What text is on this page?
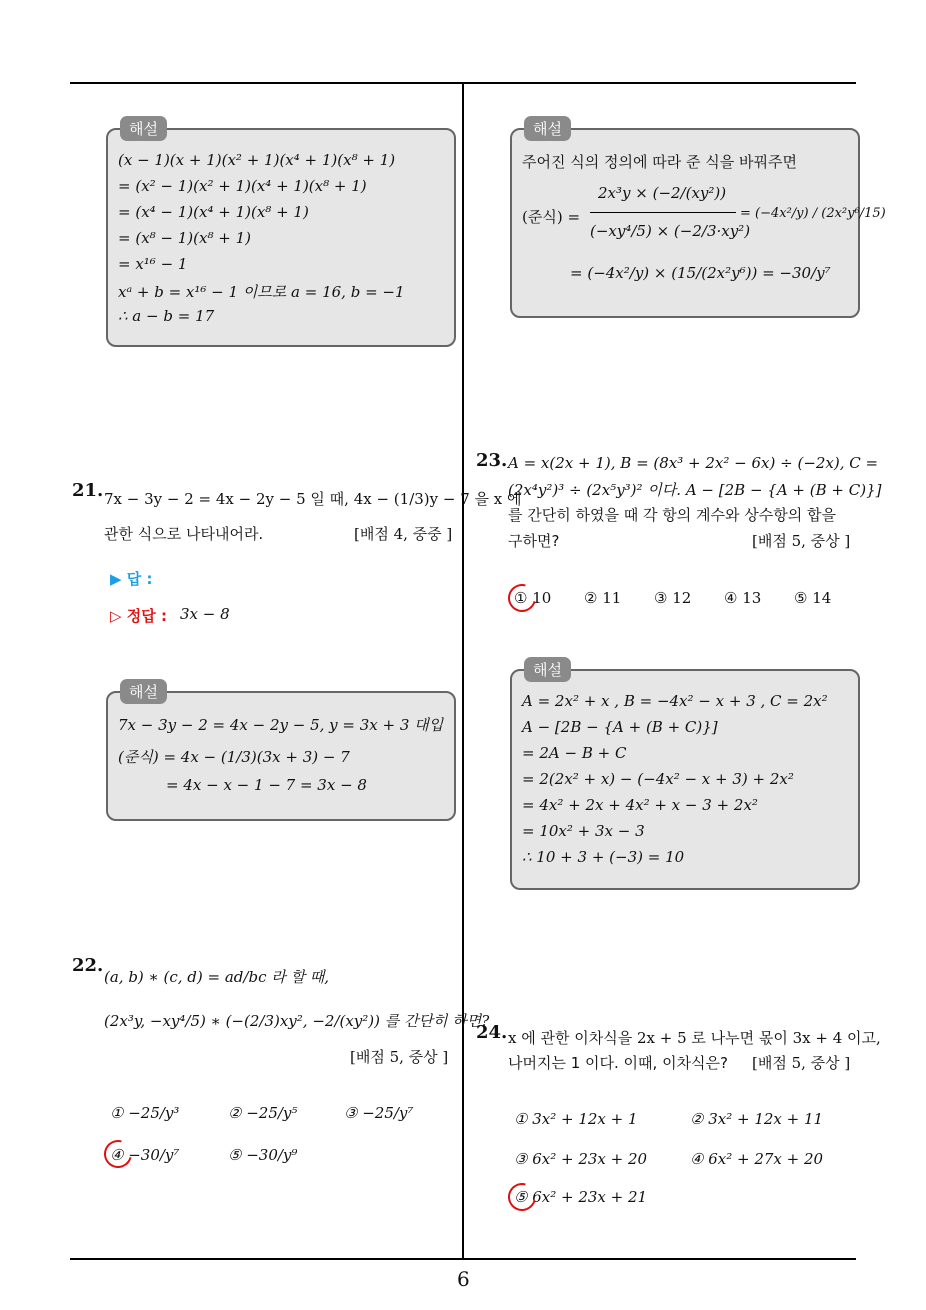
해설
(x − 1)(x + 1)(x² + 1)(x⁴ + 1)(x⁸ + 1)
= (x² − 1)(x² + 1)(x⁴ + 1)(x⁸ + 1)
= (x⁴ − 1)(x⁴ + 1)(x⁸ + 1)
= (x⁸ − 1)(x⁸ + 1)
= x¹⁶ − 1
xᵃ + b = x¹⁶ − 1 이므로 a = 16, b = −1
∴ a − b = 17
해설
주어진 식의 정의에 따라 준 식을 바꿔주면
(준식) =
2x³y × (−2/(xy²))
(−xy⁴/5) × (−2/3·xy²)
= (−4x²/y) / (2x²y⁶/15)
= (−4x²/y) × (15/(2x²y⁶)) = −30/y⁷
21. 7x − 3y − 2 = 4x − 2y − 5 일 때, 4x − (1/3)y − 7 을 x 에
관한 식으로 나타내어라.	[배점 4, 중중 ]
▶ 답 :
▷ 정답 : 3x − 8
해설
7x − 3y − 2 = 4x − 2y − 5, y = 3x + 3 대입
(준식) = 4x − (1/3)(3x + 3) − 7
= 4x − x − 1 − 7 = 3x − 8
22.
(a, b) ∗ (c, d) = ad/bc 라 할 때,
(2x³y, −xy⁴/5) ∗ (−(2/3)xy², −2/(xy²)) 를 간단히 하면?
[배점 5, 중상 ]
① −25/y³	② −25/y⁵	③ −25/y⁷
④ −30/y⁷	⑤ −30/y⁹
23. A = x(2x + 1), B = (8x³ + 2x² − 6x) ÷ (−2x), C =
(2x⁴y²)³ ÷ (2x⁵y³)² 이다. A − [2B − {A + (B + C)}]
를 간단히 하였을 때 각 항의 계수와 상수항의 합을
구하면?	[배점 5, 중상 ]
① 10 ② 11 ③ 12 ④ 13 ⑤ 14
해설
A = 2x² + x , B = −4x² − x + 3 , C = 2x²
A − [2B − {A + (B + C)}]
= 2A − B + C
= 2(2x² + x) − (−4x² − x + 3) + 2x²
= 4x² + 2x + 4x² + x − 3 + 2x²
= 10x² + 3x − 3
∴ 10 + 3 + (−3) = 10
24. x 에 관한 이차식을 2x + 5 로 나누면 몫이 3x + 4 이고,
나머지는 1 이다. 이때, 이차식은? [배점 5, 중상 ]
① 3x² + 12x + 1	② 3x² + 12x + 11
③ 6x² + 23x + 20	④ 6x² + 27x + 20
⑤ 6x² + 23x + 21
6
